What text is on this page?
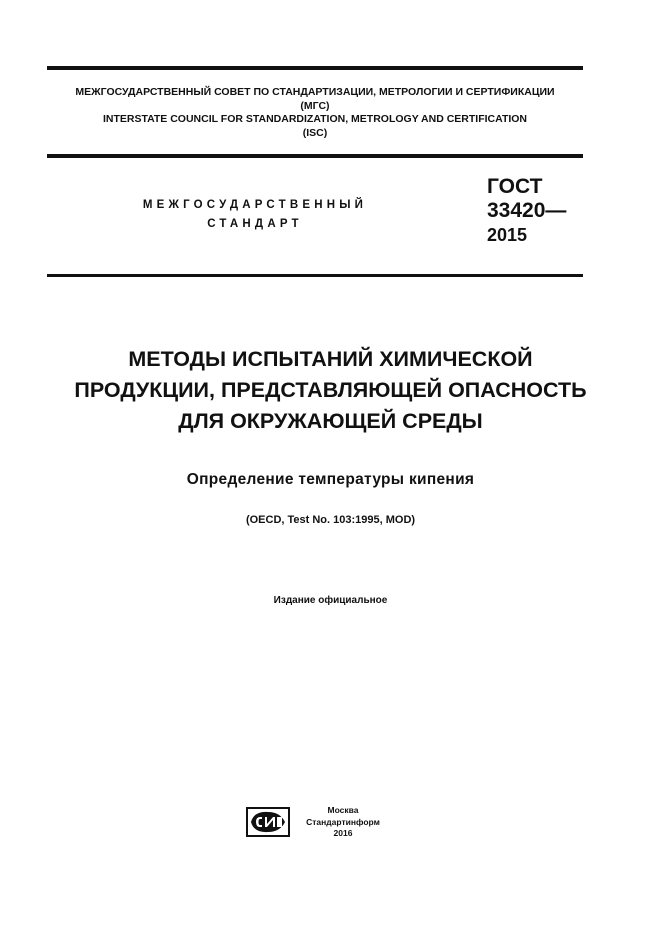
МЕЖГОСУДАРСТВЕННЫЙ СОВЕТ ПО СТАНДАРТИЗАЦИИ, МЕТРОЛОГИИ И СЕРТИФИКАЦИИ
(МГС)
INTERSTATE COUNCIL FOR STANDARDIZATION, METROLOGY AND CERTIFICATION
(ISC)
МЕЖГОСУДАРСТВЕННЫЙ
СТАНДАРТ
ГОСТ
33420—
2015
МЕТОДЫ ИСПЫТАНИЙ ХИМИЧЕСКОЙ
ПРОДУКЦИИ, ПРЕДСТАВЛЯЮЩЕЙ ОПАСНОСТЬ
ДЛЯ ОКРУЖАЮЩЕЙ СРЕДЫ
Определение температуры кипения
(OECD, Test No. 103:1995, MOD)
Издание официальное
Москва
Стандартинформ
2016
